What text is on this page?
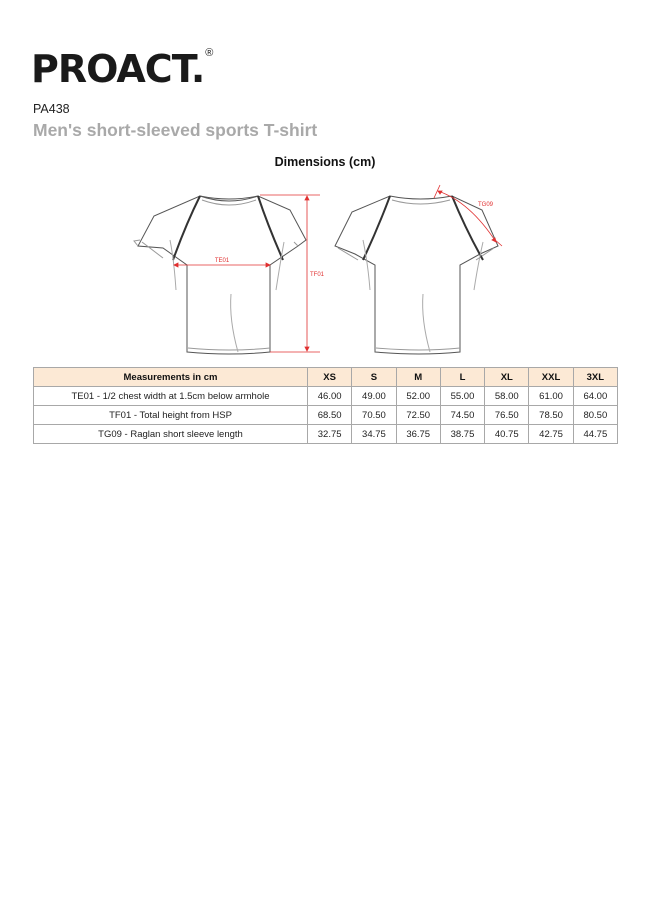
PROACT. ®
PA438
Men's short-sleeved sports T-shirt
Dimensions (cm)
TE01
TF01
TG09
Measurements in cm	XS	S	M	L	XL	XXL	3XL
TE01 - 1/2 chest width at 1.5cm below armhole	46.00	49.00	52.00	55.00	58.00	61.00	64.00
TF01 - Total height from HSP	68.50	70.50	72.50	74.50	76.50	78.50	80.50
TG09 - Raglan short sleeve length	32.75	34.75	36.75	38.75	40.75	42.75	44.75
